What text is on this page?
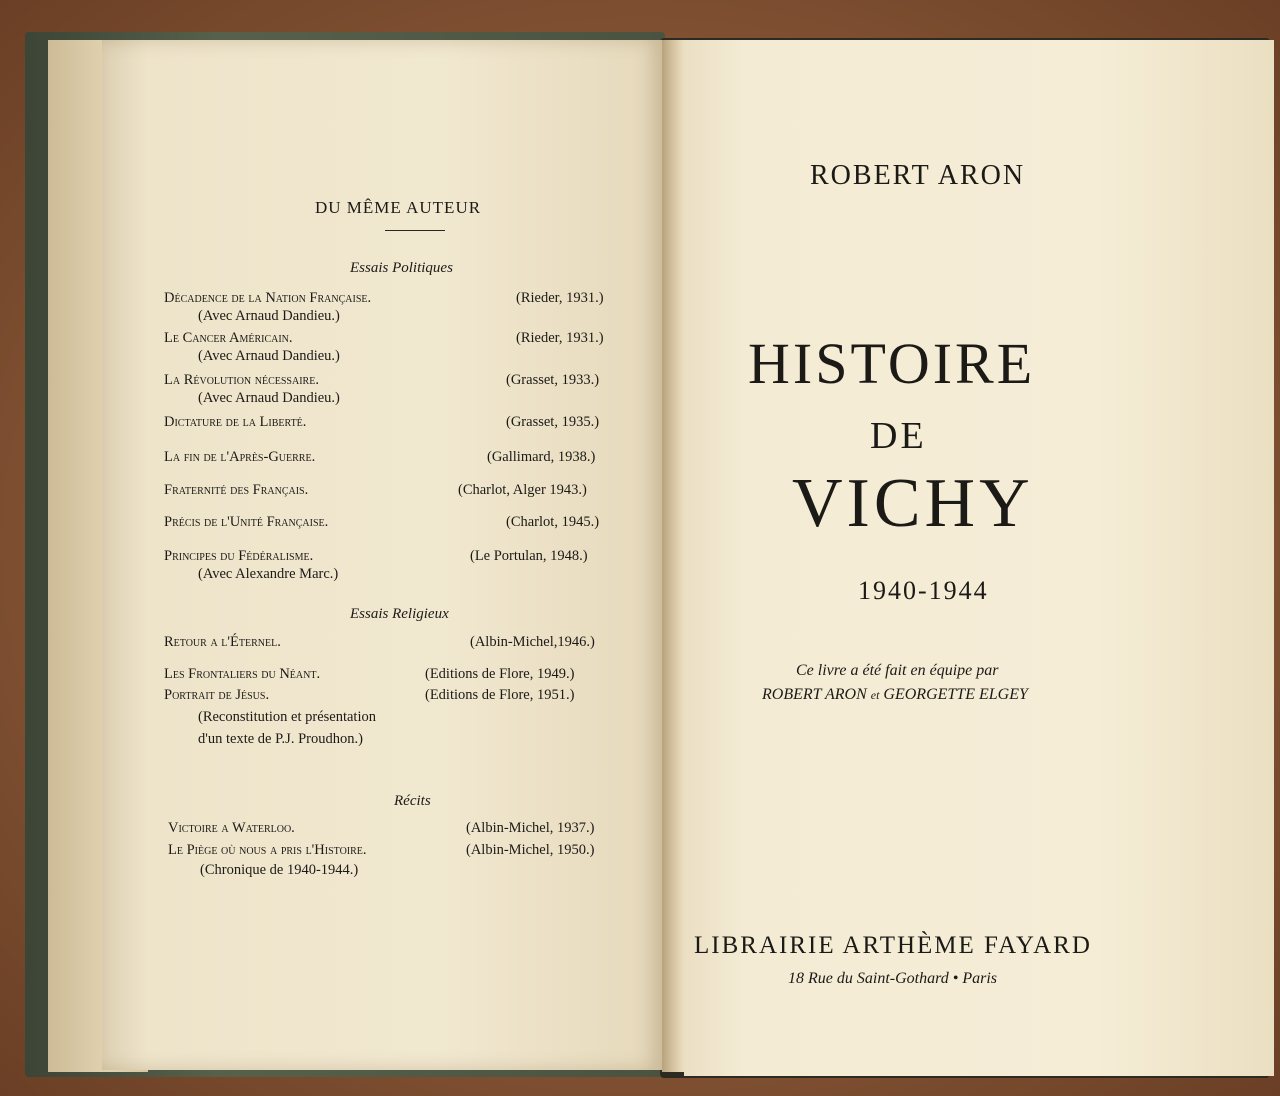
DU MÊME AUTEUR
Essais Politiques
Décadence de la Nation Française.	(Rieder, 1931.)
(Avec Arnaud Dandieu.)
Le Cancer Américain.	(Rieder, 1931.)
(Avec Arnaud Dandieu.)
La Révolution nécessaire.	(Grasset, 1933.)
(Avec Arnaud Dandieu.)
Dictature de la Liberté.	(Grasset, 1935.)
La fin de l'Après-Guerre.	(Gallimard, 1938.)
Fraternité des Français.	(Charlot, Alger 1943.)
Précis de l'Unité Française.	(Charlot, 1945.)
Principes du Fédéralisme.	(Le Portulan, 1948.)
(Avec Alexandre Marc.)
Essais Religieux
Retour a l'Éternel.	(Albin-Michel,1946.)
Les Frontaliers du Néant.	(Editions de Flore, 1949.)
Portrait de Jésus.	(Editions de Flore, 1951.)
(Reconstitution et présentation
d'un texte de P.J. Proudhon.)
Récits
Victoire a Waterloo.	(Albin-Michel, 1937.)
Le Piège où nous a pris l'Histoire.	(Albin-Michel, 1950.)
(Chronique de 1940-1944.)
ROBERT ARON
HISTOIRE
DE
VICHY
1940-1944
Ce livre a été fait en équipe par
ROBERT ARON et GEORGETTE ELGEY
LIBRAIRIE ARTHÈME FAYARD
18 Rue du Saint-Gothard • Paris
